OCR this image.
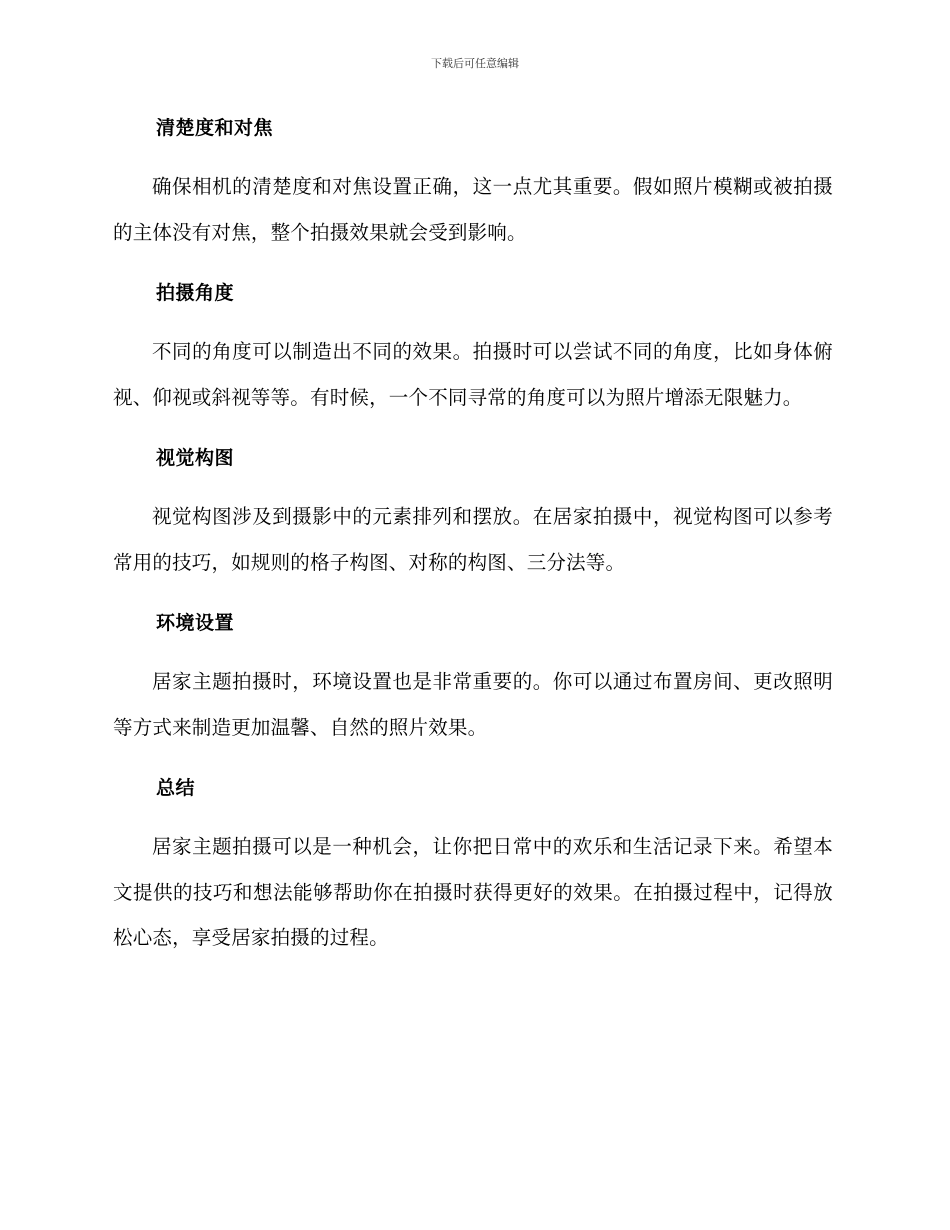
下载后可任意编辑
清楚度和对焦

确保相机的清楚度和对焦设置正确，这一点尤其重要。假如照片模糊或被拍摄的主体没有对焦，整个拍摄效果就会受到影响。

拍摄角度

不同的角度可以制造出不同的效果。拍摄时可以尝试不同的角度，比如身体俯视、仰视或斜视等等。有时候，一个不同寻常的角度可以为照片增添无限魅力。

视觉构图

视觉构图涉及到摄影中的元素排列和摆放。在居家拍摄中，视觉构图可以参考常用的技巧，如规则的格子构图、对称的构图、三分法等。

环境设置

居家主题拍摄时，环境设置也是非常重要的。你可以通过布置房间、更改照明等方式来制造更加温馨、自然的照片效果。

总结

居家主题拍摄可以是一种机会，让你把日常中的欢乐和生活记录下来。希望本文提供的技巧和想法能够帮助你在拍摄时获得更好的效果。在拍摄过程中，记得放松心态，享受居家拍摄的过程。
